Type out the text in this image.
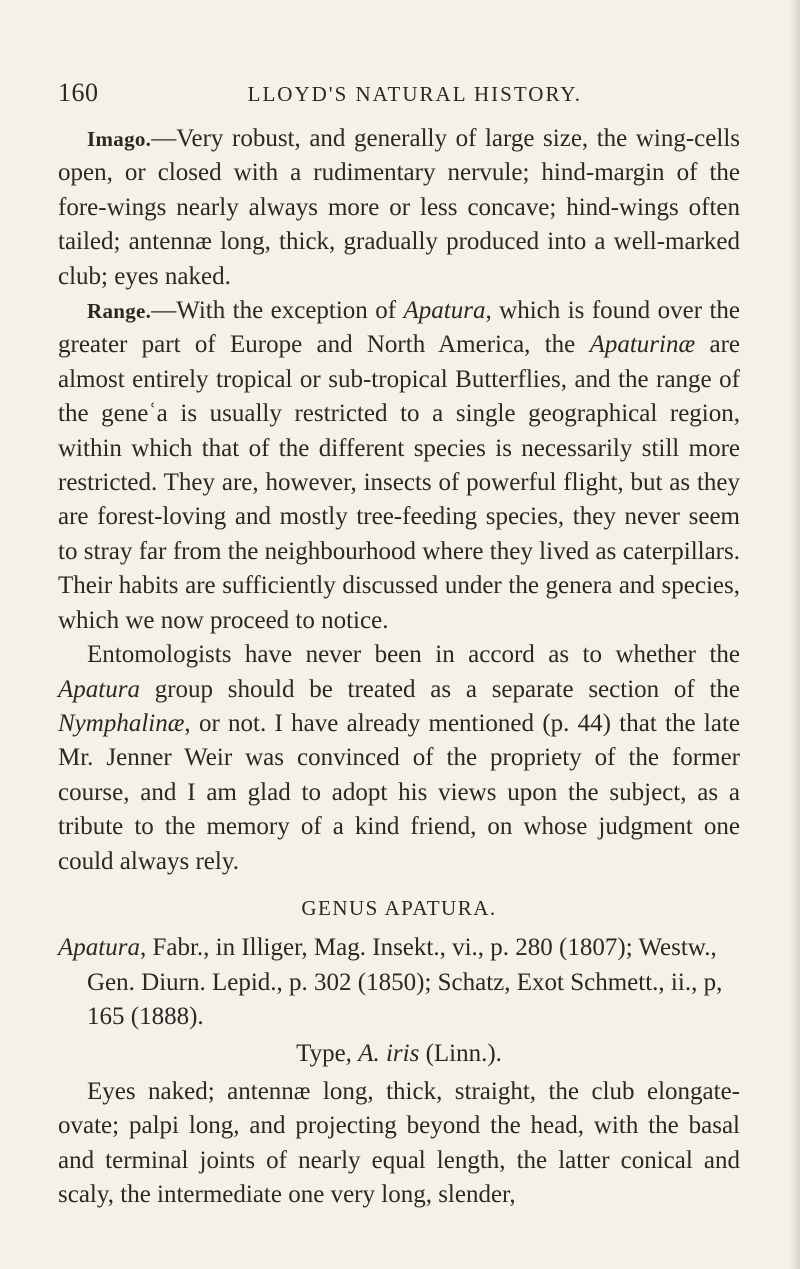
160	LLOYD'S NATURAL HISTORY.

Imago.—Very robust, and generally of large size, the wing-cells open, or closed with a rudimentary nervule; hind-margin of the fore-wings nearly always more or less concave; hind-wings often tailed; antennæ long, thick, gradually produced into a well-marked club; eyes naked.

Range.—With the exception of Apatura, which is found over the greater part of Europe and North America, the Apaturinæ are almost entirely tropical or sub-tropical Butterflies, and the range of the geneʿa is usually restricted to a single geographical region, within which that of the different species is necessarily still more restricted. They are, however, insects of powerful flight, but as they are forest-loving and mostly tree-feeding species, they never seem to stray far from the neighbourhood where they lived as caterpillars. Their habits are sufficiently discussed under the genera and species, which we now proceed to notice.

Entomologists have never been in accord as to whether the Apatura group should be treated as a separate section of the Nymphalinæ, or not. I have already mentioned (p. 44) that the late Mr. Jenner Weir was convinced of the propriety of the former course, and I am glad to adopt his views upon the subject, as a tribute to the memory of a kind friend, on whose judgment one could always rely.

GENUS APATURA.

Apatura, Fabr., in Illiger, Mag. Insekt., vi., p. 280 (1807); Westw., Gen. Diurn. Lepid., p. 302 (1850); Schatz, Exot Schmett., ii., p, 165 (1888).

Type, A. iris (Linn.).

Eyes naked; antennæ long, thick, straight, the club elongate-ovate; palpi long, and projecting beyond the head, with the basal and terminal joints of nearly equal length, the latter conical and scaly, the intermediate one very long, slender,
